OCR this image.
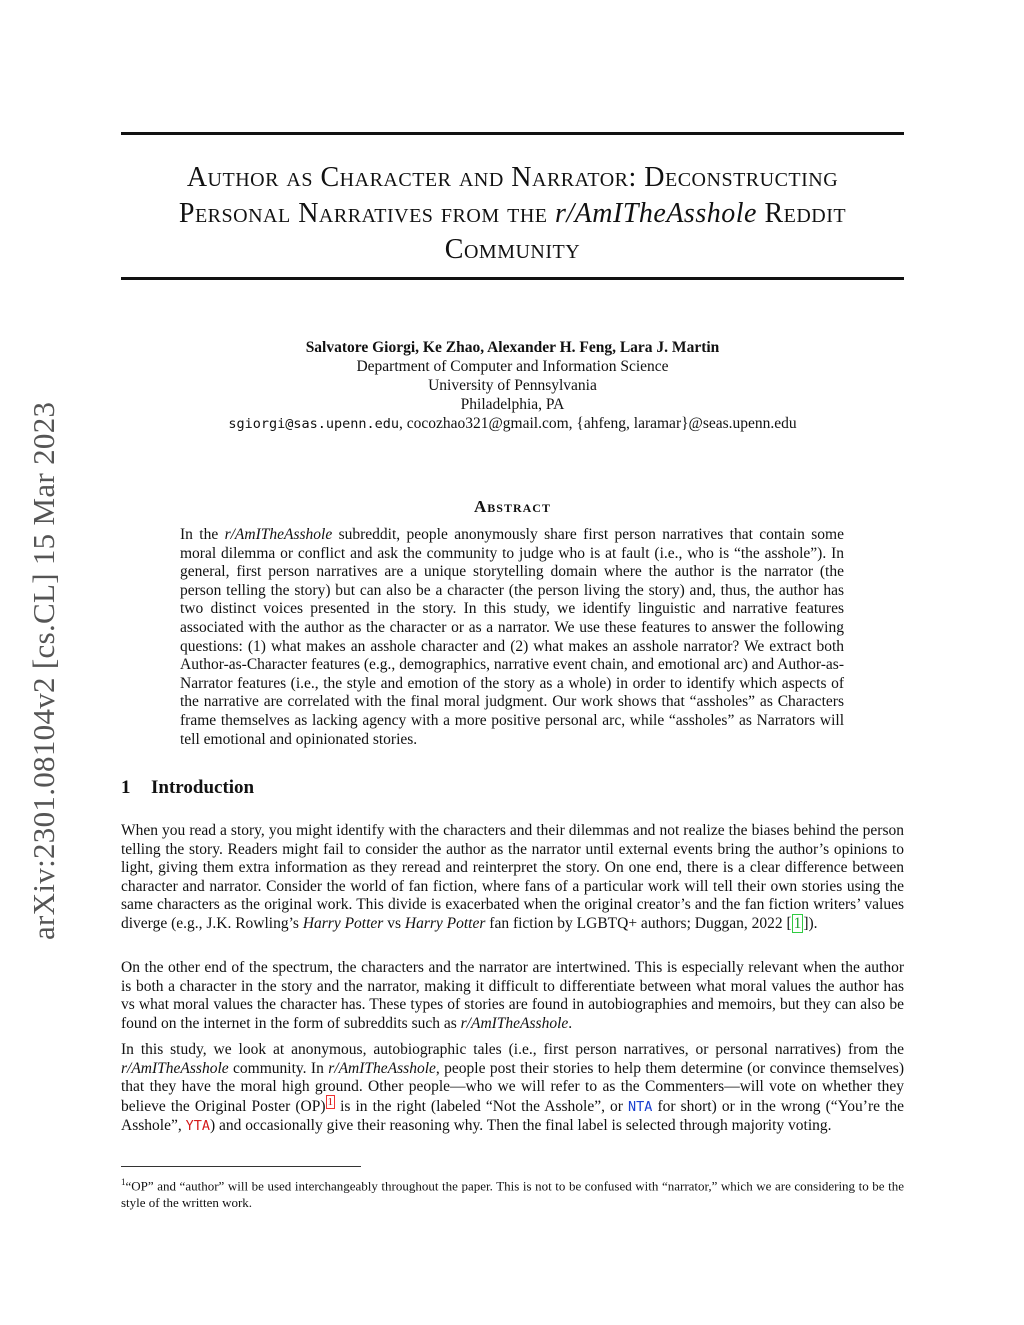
arXiv:2301.08104v2 [cs.CL] 15 Mar 2023
Author as Character and Narrator: Deconstructing
Personal Narratives from the r/AmITheAsshole Reddit
Community
Salvatore Giorgi, Ke Zhao, Alexander H. Feng, Lara J. Martin
Department of Computer and Information Science
University of Pennsylvania
Philadelphia, PA
sgiorgi@sas.upenn.edu, cocozhao321@gmail.com, {ahfeng, laramar}@seas.upenn.edu
Abstract
In the r/AmITheAsshole subreddit, people anonymously share first person narratives that contain some moral dilemma or conflict and ask the community to judge who is at fault (i.e., who is “the asshole”). In general, first person narratives are a unique storytelling domain where the author is the narrator (the person telling the story) but can also be a character (the person living the story) and, thus, the author has two distinct voices presented in the story. In this study, we identify linguistic and narrative features associated with the author as the character or as a narrator. We use these features to answer the following questions: (1) what makes an asshole character and (2) what makes an asshole narrator? We extract both Author-as-Character features (e.g., demographics, narrative event chain, and emotional arc) and Author-as-Narrator features (i.e., the style and emotion of the story as a whole) in order to identify which aspects of the narrative are correlated with the final moral judgment. Our work shows that “assholes” as Characters frame themselves as lacking agency with a more positive personal arc, while “assholes” as Narrators will tell emotional and opinionated stories.
1 Introduction

When you read a story, you might identify with the characters and their dilemmas and not realize the biases behind the person telling the story. Readers might fail to consider the author as the narrator until external events bring the author’s opinions to light, giving them extra information as they reread and reinterpret the story. On one end, there is a clear difference between character and narrator. Consider the world of fan fiction, where fans of a particular work will tell their own stories using the same characters as the original work. This divide is exacerbated when the original creator’s and the fan fiction writers’ values diverge (e.g., J.K. Rowling’s Harry Potter vs Harry Potter fan fiction by LGBTQ+ authors; Duggan, 2022 [ 1 ]).

On the other end of the spectrum, the characters and the narrator are intertwined. This is especially relevant when the author is both a character in the story and the narrator, making it difficult to differentiate between what moral values the author has vs what moral values the character has. These types of stories are found in autobiographies and memoirs, but they can also be found on the internet in the form of subreddits such as r/AmITheAsshole.

In this study, we look at anonymous, autobiographic tales (i.e., first person narratives, or personal narratives) from the r/AmITheAsshole community. In r/AmITheAsshole, people post their stories to help them determine (or convince themselves) that they have the moral high ground. Other people—who we will refer to as the Commenters—will vote on whether they believe the Original Poster (OP) $^1$ is in the right (labeled “Not the Asshole”, or NTA for short) or in the wrong (“You’re the Asshole”, YTA) and occasionally give their reasoning why. Then the final label is selected through majority voting.

$^1$“OP” and “author” will be used interchangeably throughout the paper. This is not to be confused with “narrator,” which we are considering to be the style of the written work.
